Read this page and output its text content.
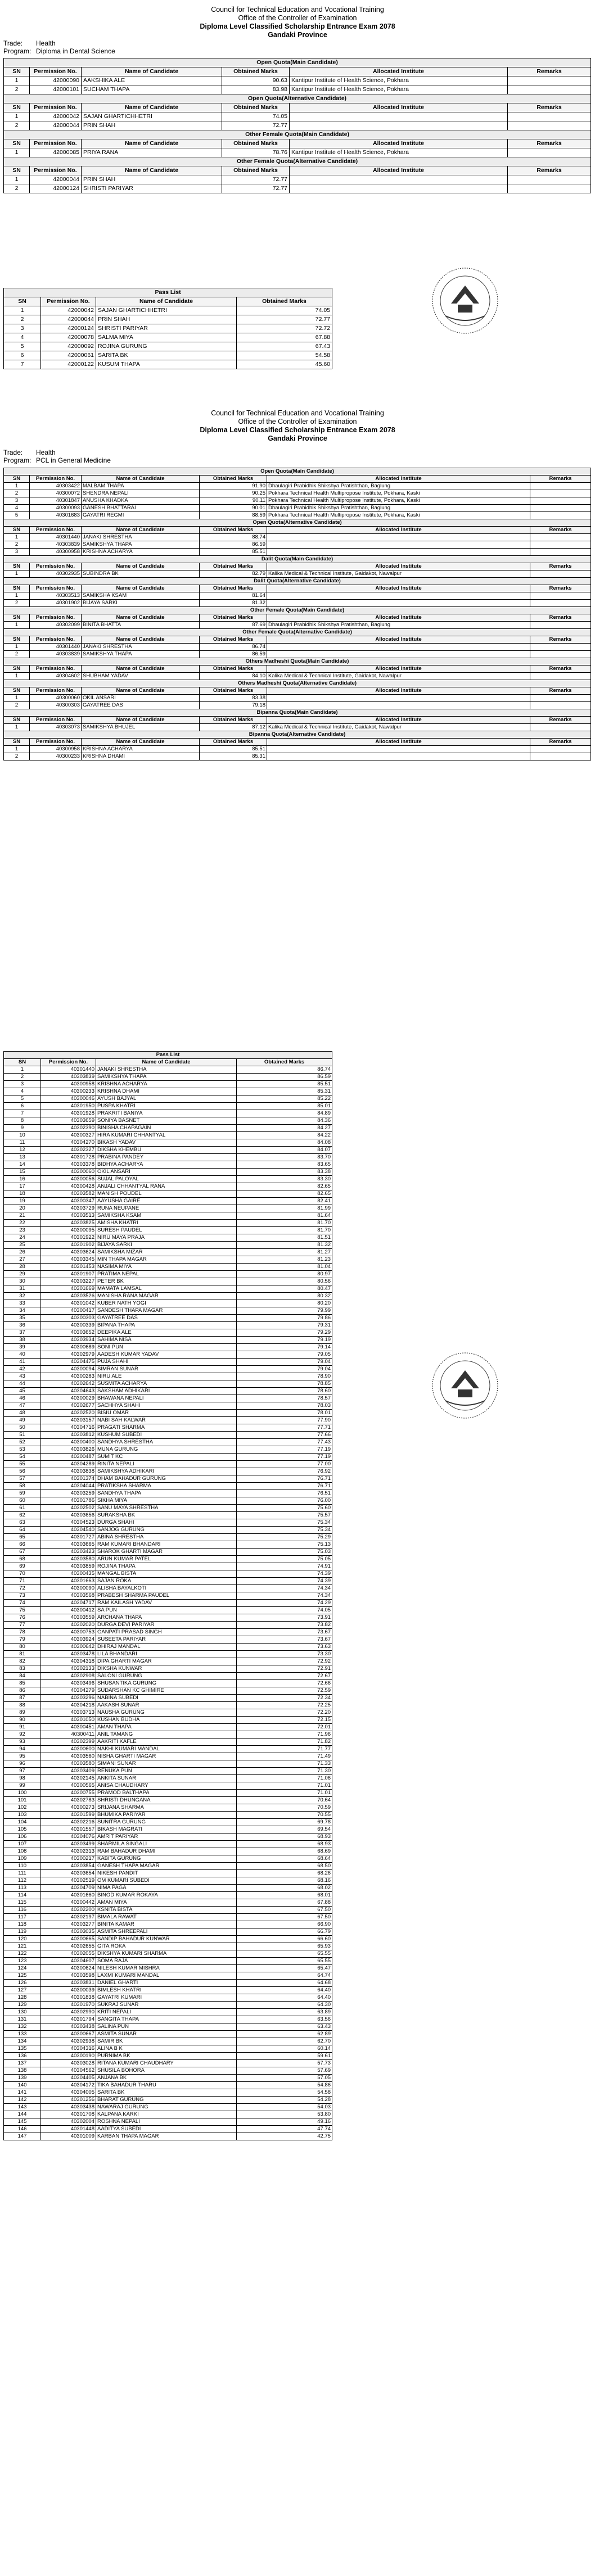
Council for Technical Education and Vocational Training
Office of the Controller of Examination
Diploma Level Classified Scholarship Entrance Exam 2078
Gandaki Province
Trade: Health
Program: Diploma in Dental Science
Open Quota(Main Candidate)					
SN	Permission No.	Name of Candidate	Obtained Marks	Allocated Institute	Remarks
1	42000090	AAKSHIKA ALE	90.63	Kantipur Institute of Health Science, Pokhara	
2	42000101	SUCHAM THAPA	83.98	Kantipur Institute of Health Science, Pokhara	
Open Quota(Alternative Candidate)					
SN	Permission No.	Name of Candidate	Obtained Marks	Allocated Institute	Remarks
1	42000042	SAJAN GHARTICHHETRI	74.05		
2	42000044	PRIN SHAH	72.77		
Other Female Quota(Main Candidate)					
SN	Permission No.	Name of Candidate	Obtained Marks	Allocated Institute	Remarks
1	42000085	PRIYA RANA	78.76	Kantipur Institute of Health Science, Pokhara	
Other Female Quota(Alternative Candidate)					
SN	Permission No.	Name of Candidate	Obtained Marks	Allocated Institute	Remarks
1	42000044	PRIN SHAH	72.77		
2	42000124	SHRISTI PARIYAR	72.77		
Pass List			
SN	Permission No.	Name of Candidate	Obtained Marks
1	42000042	SAJAN GHARTICHHETRI	74.05
2	42000044	PRIN SHAH	72.77
3	42000124	SHRISTI PARIYAR	72.72
4	42000078	SALMA MIYA	67.88
5	42000092	ROJINA GURUNG	67.43
6	42000061	SARITA BK	54.58
7	42000122	KUSUM THAPA	45.60
Council for Technical Education and Vocational Training
Office of the Controller of Examination
Diploma Level Classified Scholarship Entrance Exam 2078
Gandaki Province
Trade: Health
Program: PCL in General Medicine
Open Quota(Main Candidate)					
SN	Permission No.	Name of Candidate	Obtained Marks	Allocated Institute	Remarks
1	40303422	MALBAM THAPA	91.90	Dhaulagiri Prabidhik Shikshya Pratishthan, Baglung	
2	40300072	SHENDRA NEPALI	90.25	Pokhara Technical Health Multipropose Institute, Pokhara, Kaski	
3	40301847	ANUSHA KHADKA	90.11	Pokhara Technical Health Multipropose Institute, Pokhara, Kaski	
4	40300093	GANESH BHATTARAI	90.01	Dhaulagiri Prabidhik Shikshya Pratishthan, Baglung	
5	40301683	GAYATRI REGMI	88.59	Pokhara Technical Health Multipropose Institute, Pokhara, Kaski	
Open Quota(Alternative Candidate)					
SN	Permission No.	Name of Candidate	Obtained Marks	Allocated Institute	Remarks
1	40301440	JANAKI SHRESTHA	88.74		
2	40303839	SAMIKSHYA THAPA	86.59		
3	40300958	KRISHNA ACHARYA	85.51		
Dalit Quota(Main Candidate)					
SN	Permission No.	Name of Candidate	Obtained Marks	Allocated Institute	Remarks
1	40302935	SUBINDRA BK	82.79	Kalika Medical & Technical Institute, Gaidakot, Nawalpur	
Dalit Quota(Alternative Candidate)					
SN	Permission No.	Name of Candidate	Obtained Marks	Allocated Institute	Remarks
1	40303513	SAMIKSHA KSAM	81.64		
2	40301902	BIJAYA SARKI	81.32		
Other Female Quota(Main Candidate)					
SN	Permission No.	Name of Candidate	Obtained Marks	Allocated Institute	Remarks
1	40302099	BINITA BHATTA	87.69	Dhaulagiri Prabidhik Shikshya Pratishthan, Baglung	
Other Female Quota(Alternative Candidate)					
SN	Permission No.	Name of Candidate	Obtained Marks	Allocated Institute	Remarks
1	40301440	JANAKI SHRESTHA	86.74		
2	40303839	SAMIKSHYA THAPA	86.59		
Others Madheshi Quota(Main Candidate)					
SN	Permission No.	Name of Candidate	Obtained Marks	Allocated Institute	Remarks
1	40304602	SHUBHAM YADAV	84.10	Kalika Medical & Technical Institute, Gaidakot, Nawalpur	
Others Madheshi Quota(Alternative Candidate)					
SN	Permission No.	Name of Candidate	Obtained Marks	Allocated Institute	Remarks
1	40300060	OKIL ANSARI	83.38		
2	40300303	GAYATREE DAS	79.18		
Bipanna Quota(Main Candidate)					
SN	Permission No.	Name of Candidate	Obtained Marks	Allocated Institute	Remarks
1	40303073	SAMIKSHYA BHUJEL	87.12	Kalika Medical & Technical Institute, Gaidakot, Nawalpur	
Bipanna Quota(Alternative Candidate)					
SN	Permission No.	Name of Candidate	Obtained Marks	Allocated Institute	Remarks
1	40300958	KRISHNA ACHARYA	85.51		
2	40300233	KRISHNA DHAMI	85.31		
Pass List			
SN	Permission No.	Name of Candidate	Obtained Marks
1	40301440	JANAKI SHRESTHA	86.74
2	40303839	SAMIKSHYA THAPA	86.59
3	40300958	KRISHNA ACHARYA	85.51
4	40300233	KRISHNA DHAMI	85.31
5	40300046	AYUSH BAJYAL	85.22
6	40301950	PUSPA KHATRI	85.01
7	40301928	PRAKRITI BANIYA	84.89
8	40303659	SONIYA BASNET	84.36
9	40302390	BINISHA CHAPAGAIN	84.27
10	40300327	HIRA KUMARI CHHANTYAL	84.22
11	40304270	BIKASH YADAV	84.08
12	40302327	DIKSHA KHEMBU	84.07
13	40301728	PRABINA PANDEY	83.70
14	40303378	BIDHYA ACHARYA	83.65
15	40300060	OKIL ANSARI	83.38
16	40300056	SUJAL PALOYAL	83.30
17	40300428	ANJALI CHHANTYAL RANA	82.65
18	40303582	MANISH POUDEL	82.65
19	40300347	AAYUSHA GAIRE	82.41
20	40303729	RUNA NEUPANE	81.99
21	40303513	SAMIKSHA KSAM	81.64
22	40303825	AMISHA KHATRI	81.70
23	40300095	SURESH PAUDEL	81.70
24	40301922	NIRU MAYA PRAJA	81.51
25	40301902	BIJAYA SARKI	81.32
26	40303624	SAMIKSHA MIZAR	81.27
27	40303345	MIN THAPA MAGAR	81.23
28	40301453	NASIMA MIYA	81.04
29	40301907	PRATIMA NEPAL	80.97
30	40303227	PETER BK	80.56
31	40301669	MAMATA LAMSAL	80.47
32	40303526	MANISHA RANA MAGAR	80.32
33	40301042	KUBER NATH YOGI	80.20
34	40300417	SANDESH THAPA MAGAR	79.99
35	40300303	GAYATREE DAS	79.86
36	40300339	BIPANA THAPA	79.31
37	40303652	DEEPIKA ALE	79.29
38	40303934	SAHIMA NISA	79.19
39	40300689	SONI PUN	79.14
40	40302979	AADESH KUMAR YADAV	79.05
41	40304475	PUJA SHAHI	79.04
42	40300094	SIMRAN SUNAR	79.04
43	40300283	NIRU ALE	78.90
44	40302642	SUSMITA ACHARYA	78.85
45	40304643	SAKSHAM ADHIKARI	78.60
46	40300029	BHAWANA NEPALI	78.57
47	40302677	SACHHYA SHAHI	78.03
48	40302520	BISIU OMAR	78.01
49	40303157	NABI SAH KALWAR	77.90
50	40304716	PRAGATI SHARMA	77.71
51	40303812	KUSHUM SUBEDI	77.66
52	40300400	SANDHYA SHRESTHA	77.43
53	40303826	MUNA GURUNG	77.19
54	40300487	SUMIT KC	77.19
55	40304289	RINITA NEPALI	77.00
56	40303838	SAMIKSHYA ADHIKARI	76.92
57	40301374	DHAM BAHADUR GURUNG	76.71
58	40304044	PRATIKSHA SHARMA	76.71
59	40303259	SANDHYA THAPA	76.51
60	40301786	SIKHA MIYA	76.00
61	40302502	SANU MAYA SHRESTHA	75.60
62	40303656	SURAKSHA BK	75.57
63	40304523	DURGA SHAHI	75.34
64	40304540	SANJOG GURUNG	75.34
65	40301727	ABINA SHRESTHA	75.29
66	40303665	RAM KUMARI BHANDARI	75.13
67	40303423	SHAROK GHARTI MAGAR	75.03
68	40303580	ARUN KUMAR PATEL	75.05
69	40303859	ROJINA THAPA	74.91
70	40300435	MANGAL BISTA	74.39
71	40301663	SAJAN ROKA	74.39
72	40300090	ALISHA BAYALKOTI	74.34
73	40303568	PRABESH SHARMA PAUDEL	74.34
74	40304717	RAM KAILASH YADAV	74.29
75	40300412	SA PUN	74.05
76	40303559	ARCHANA THAPA	73.91
77	40302020	DURGA DEVI PARIYAR	73.82
78	40300753	GANPATI PRASAD SINGH	73.67
79	40303924	SUSEETA PARIYAR	73.67
80	40300642	DHIRAJ MANDAL	73.63
81	40303478	LILA BHANDARI	73.30
82	40304318	DIPA GHARTI MAGAR	72.92
83	40302133	DIKSHA KUNWAR	72.91
84	40302908	SALONI GURUNG	72.67
85	40303496	SHUSANTIKA GURUNG	72.66
86	40304279	SUDARSHAN KC GHIMIRE	72.59
87	40303296	NABINA SUBEDI	72.34
88	40304218	AAKASH SUNAR	72.25
89	40303713	NAUSHA GURUNG	72.20
90	40301050	KUSHAN BUDHA	72.15
91	40300451	AMAN THAPA	72.01
92	40300411	ANIL TAMANG	71.96
93	40302399	AAKRITI KAFLE	71.82
94	40300600	NAKHI KUMARI MANDAL	71.77
95	40303560	NISHA GHARTI MAGAR	71.49
96	40303580	SIMANI SUNAR	71.33
97	40303409	RENUKA PUN	71.30
98	40302145	ANKITA SUNAR	71.06
99	40300565	ANISA CHAUDHARY	71.01
100	40300755	PRAMOD BALTHAPA	71.01
101	40302783	SHRISTI DHUNGANA	70.64
102	40300273	SRIJANA SHARMA	70.59
103	40301599	BHUMIKA PARIYAR	70.55
104	40302216	SUNITRA GURUNG	69.78
105	40301557	BIKASH MAGRATI	69.54
106	40304076	AMRIT PARIYAR	68.93
107	40303499	SHARMILA SINGALI	68.93
108	40302313	RAM BAHADUR DHAMI	68.69
109	40300217	KABITA GURUNG	68.64
110	40303854	GANESH THAPA MAGAR	68.50
111	40303654	NIKESH PANDIT	68.26
112	40302519	OM KUMARI SUBEDI	68.16
113	40304709	NIMA PAGA	68.02
114	40301660	BINOD KUMAR ROKAYA	68.01
115	40300442	AMAN MIYA	67.88
116	40302200	KSNITA BISTA	67.50
117	40302197	BIMALA RAWAT	67.50
118	40303277	BINITA KAMAR	66.90
119	40303035	ASMITA SHREEPALI	66.79
120	40300665	SANDIP BAHADUR KUNWAR	66.60
121	40302655	GITA ROKA	65.93
122	40302055	DIKSHYA KUMARI SHARMA	65.55
123	40304607	SOMA RAJA	65.55
124	40300624	NILESH KUMAR MISHRA	65.47
125	40303598	LAXMI KUMARI MANDAL	64.74
126	40303831	DANIEL GHARTI	64.68
127	40300039	BIMLESH KHATRI	64.40
128	40301838	GAYATRI KUMARI	64.40
129	40301970	SUKRAJ SUNAR	64.30
130	40302990	KRITI NEPALI	63.89
131	40301794	SANGITA THAPA	63.56
132	40303438	SALINA PUN	63.43
133	40300667	ASMITA SUNAR	62.89
134	40302938	SAMIR BK	62.70
135	40304316	ALINA B K	60.14
136	40300190	PURNIMA BK	59.61
137	40303028	RITANA KUMARI CHAUDHARY	57.73
138	40304562	SHUSILA BOHORA	57.69
139	40304405	ANJANA BK	57.05
140	40304172	TIKA BAHADUR THARU	54.86
141	40304005	SARITA BK	54.58
142	40301256	BHARAT GURUNG	54.28
143	40303438	NAWARAJ GURUNG	54.03
144	40301708	KALPANA KARKI	53.80
145	40302004	ROSHNA NEPALI	49.16
146	40301448	AADITYA SUBEDI	47.74
147	40301009	KARBAN THAPA MAGAR	42.75
